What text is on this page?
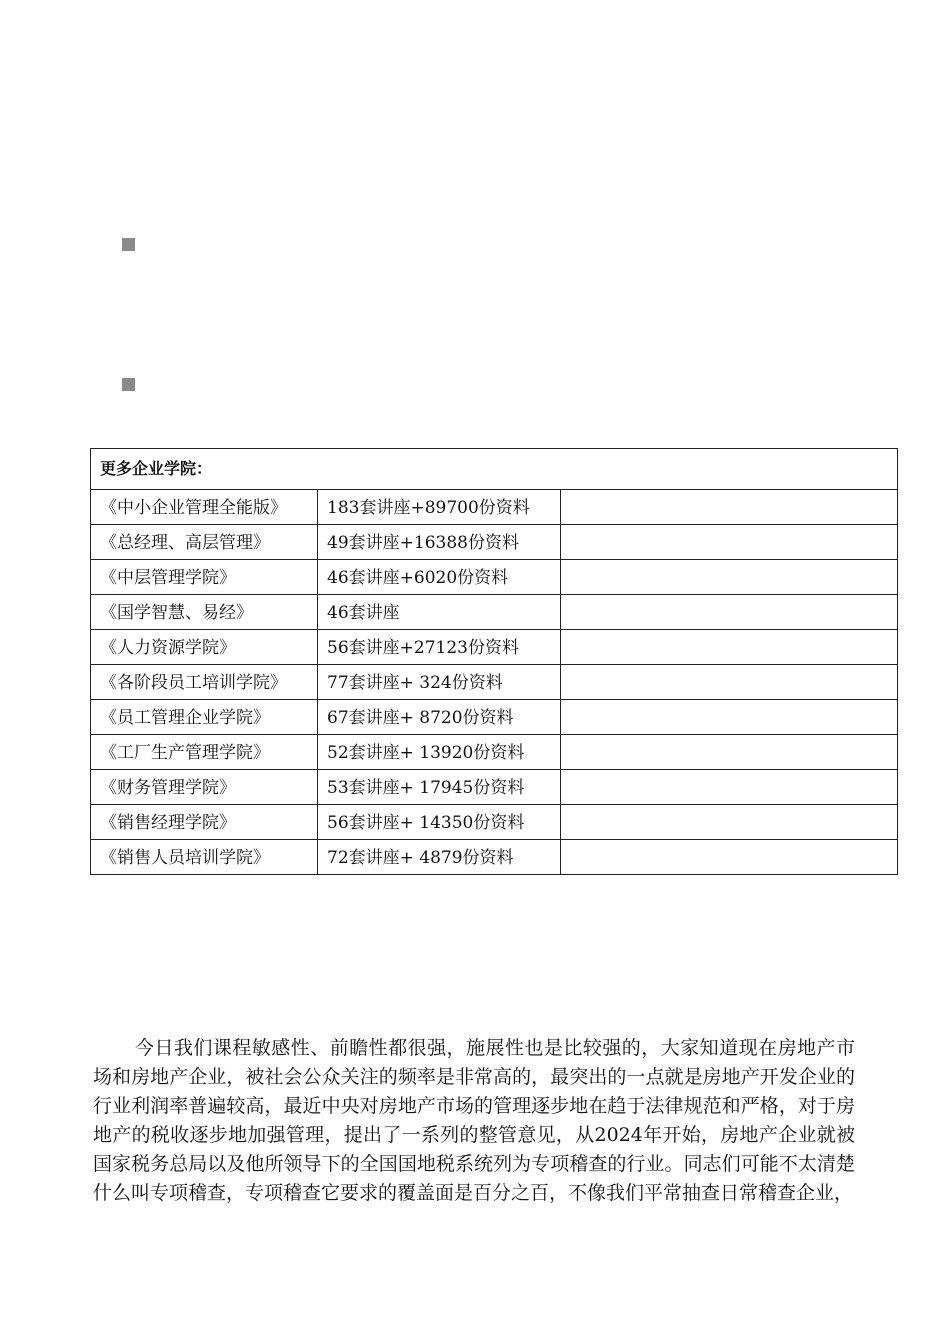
更多企业学院：		
《中小企业管理全能版》	183套讲座+89700份资料	
《总经理、高层管理》	49套讲座+16388份资料	
《中层管理学院》	46套讲座+6020份资料	
《国学智慧、易经》	46套讲座	
《人力资源学院》	56套讲座+27123份资料	
《各阶段员工培训学院》	77套讲座+ 324份资料	
《员工管理企业学院》	67套讲座+ 8720份资料	
《工厂生产管理学院》	52套讲座+ 13920份资料	
《财务管理学院》	53套讲座+ 17945份资料	
《销售经理学院》	56套讲座+ 14350份资料	
《销售人员培训学院》	72套讲座+ 4879份资料	

今日我们课程敏感性、前瞻性都很强，施展性也是比较强的，大家知道现在房地产市场和房地产企业，被社会公众关注的频率是非常高的，最突出的一点就是房地产开发企业的行业利润率普遍较高，最近中央对房地产市场的管理逐步地在趋于法律规范和严格，对于房地产的税收逐步地加强管理，提出了一系列的整管意见，从2024年开始，房地产企业就被国家税务总局以及他所领导下的全国国地税系统列为专项稽查的行业。同志们可能不太清楚什么叫专项稽查，专项稽查它要求的覆盖面是百分之百，不像我们平常抽查日常稽查企业，
